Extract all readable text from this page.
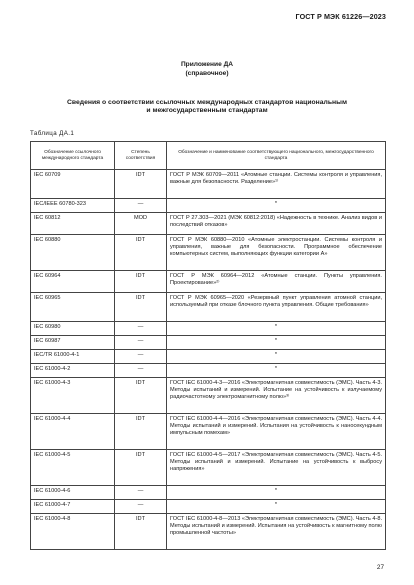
ГОСТ Р МЭК 61226—2023
Приложение ДА
(справочное)
Сведения о соответствии ссылочных международных стандартов национальным
и межгосударственным стандартам
Таблица ДА.1
Обозначение ссылочного международного стандарта	Степень соответствия	Обозначение и наименование соответствующего национального, межгосударственного стандарта
IEC 60709	IDT	ГОСТ Р МЭК 60709—2011 «Атомные станции. Системы контроля и управления, важные для безопасности. Разделение»¹⁾
IEC/IEEE 60780-323	—	*
IEC 60812	MOD	ГОСТ Р 27.303—2021 (МЭК 60812:2018) «Надежность в технике. Анализ видов и последствий отказов»
IEC 60880	IDT	ГОСТ Р МЭК 60880—2010 «Атомные электростанции. Системы контроля и управления, важные для безопасности. Программное обеспечение компьютерных систем, выполняющих функции категории А»
IEC 60964	IDT	ГОСТ Р МЭК 60964—2012 «Атомные станции. Пункты управления. Проектирование»²⁾
IEC 60965	IDT	ГОСТ Р МЭК 60965—2020 «Резервный пункт управления атомной станции, используемый при отказе блочного пункта управления. Общие требования»
IEC 60980	—	*
IEC 60987	—	*
IEC/TR 61000-4-1	—	*
IEC 61000-4-2	—	*
IEC 61000-4-3	IDT	ГОСТ IEC 61000-4-3—2016 «Электромагнитная совместимость (ЭМС). Часть 4-3. Методы испытаний и измерений. Испытание на устойчивость к излучаемому радиочастотному электромагнитному полю»³⁾
IEC 61000-4-4	IDT	ГОСТ IEC 61000-4-4—2016 «Электромагнитная совместимость (ЭМС). Часть 4-4. Методы испытаний и измерений. Испытания на устойчивость к наносекундным импульсным помехам»
IEC 61000-4-5	IDT	ГОСТ IEC 61000-4-5—2017 «Электромагнитная совместимость (ЭМС). Часть 4-5. Методы испытаний и измерений. Испытание на устойчивость к выбросу напряжения»
IEC 61000-4-6	—	*
IEC 61000-4-7	—	*
IEC 61000-4-8	IDT	ГОСТ IEC 61000-4-8—2013 «Электромагнитная совместимость (ЭМС). Часть 4-8. Методы испытаний и измерений. Испытания на устойчивость к магнитному полю промышленной частоты»
27
